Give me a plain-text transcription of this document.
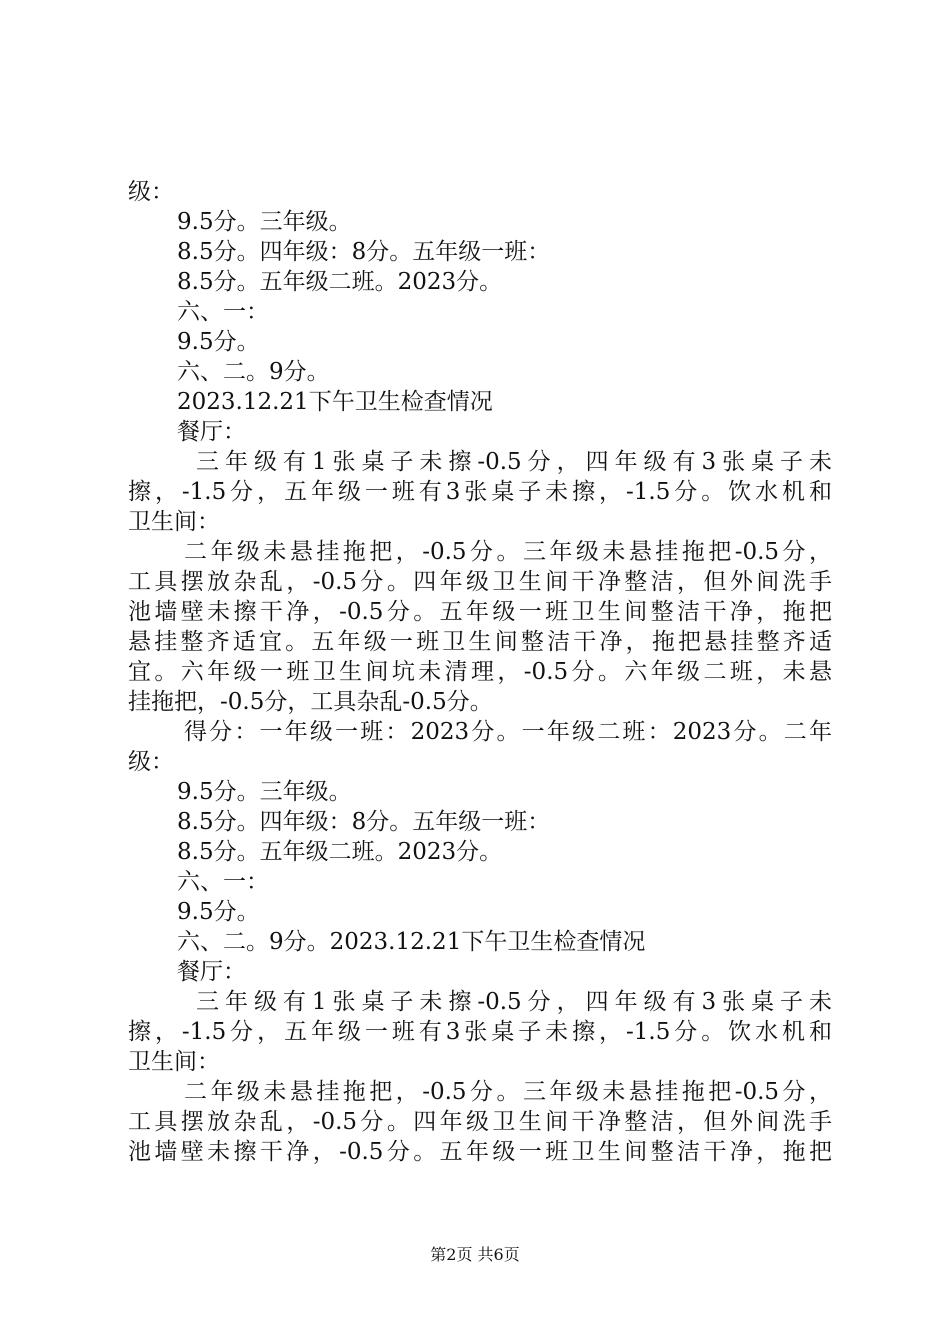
级：
9.5分。三年级。
8.5分。四年级：8分。五年级一班：
8.5分。五年级二班。2023分。
六、一：
9.5分。
六、二。9分。
2023.12.21下午卫生检查情况
餐厅：
三年级有1张桌子未擦-0.5分，四年级有3张桌子未
擦，-1.5分，五年级一班有3张桌子未擦，-1.5分。饮水机和
卫生间：
二年级未悬挂拖把，-0.5分。三年级未悬挂拖把-0.5分，
工具摆放杂乱，-0.5分。四年级卫生间干净整洁，但外间洗手
池墙壁未擦干净，-0.5分。五年级一班卫生间整洁干净，拖把
悬挂整齐适宜。五年级一班卫生间整洁干净，拖把悬挂整齐适
宜。六年级一班卫生间坑未清理，-0.5分。六年级二班，未悬
挂拖把，-0.5分，工具杂乱-0.5分。
得分：一年级一班：2023分。一年级二班：2023分。二年
级：
9.5分。三年级。
8.5分。四年级：8分。五年级一班：
8.5分。五年级二班。2023分。
六、一：
9.5分。
六、二。9分。2023.12.21下午卫生检查情况
餐厅：
三年级有1张桌子未擦-0.5分，四年级有3张桌子未
擦，-1.5分，五年级一班有3张桌子未擦，-1.5分。饮水机和
卫生间：
二年级未悬挂拖把，-0.5分。三年级未悬挂拖把-0.5分，
工具摆放杂乱，-0.5分。四年级卫生间干净整洁，但外间洗手
池墙壁未擦干净，-0.5分。五年级一班卫生间整洁干净，拖把
第2页 共6页
